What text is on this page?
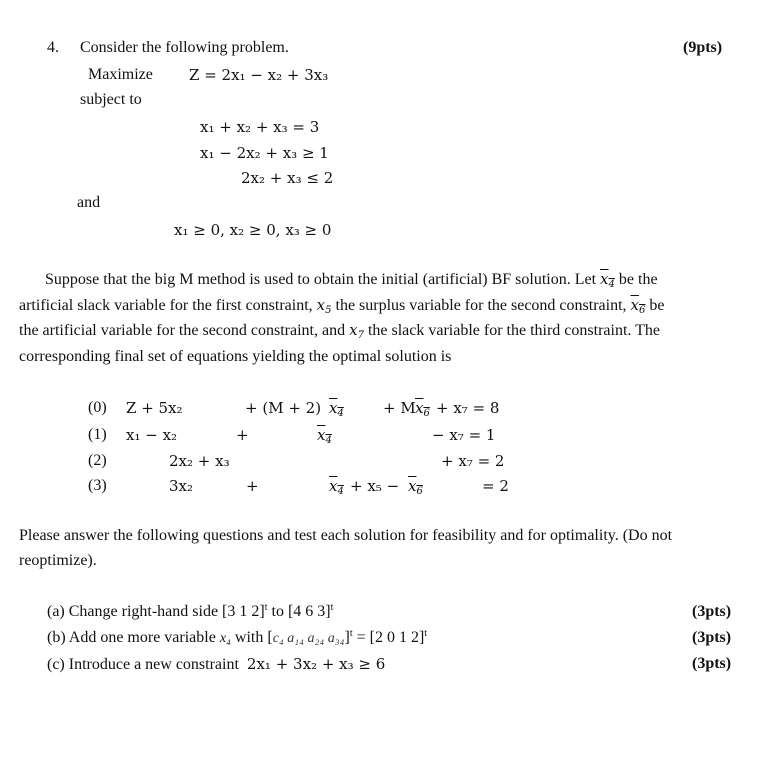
4. Consider the following problem.	(9pts)
Maximize Z = 2x₁ − x₂ + 3x₃
subject to
x₁ + x₂ + x₃ = 3
x₁ − 2x₂ + x₃ ≥ 1
2x₂ + x₃ ≤ 2
and
x₁ ≥ 0, x₂ ≥ 0, x₃ ≥ 0

Suppose that the big M method is used to obtain the initial (artificial) BF solution. Let $x_4$ be the

artificial slack variable for the first constraint, $x_5$ the surplus variable for the second constraint, $x_6$ be

the artificial variable for the second constraint, and $x_7$ the slack variable for the third constraint. The

corresponding final set of equations yielding the optimal solution is

(0) Z + 5x₂	+ (M + 2) $x_4$	+ M $x_6 + x_7 = 8$
(1) x₁ − x₂	+	$x_4$	− x₇ = 1
(2)	2x₂ + x₃	+ x₇ = 2
(3)	3x₂	+	$x_4 + x_5 - x_6$	= 2
Please answer the following questions and test each solution for feasibility and for optimality. (Do not
reoptimize).
(a) Change right-hand side [3 1 2]$^t$ to [4 6 3]$^t$	(3pts)
(b) Add one more variable x₄ with [c₄ a₁₄ a₂₄ a₃₄]$^t$ = [2 0 1 2]$^t$	(3pts)
(c) Introduce a new constraint 2x₁ + 3x₂ + x₃ ≥ 6	(3pts)
